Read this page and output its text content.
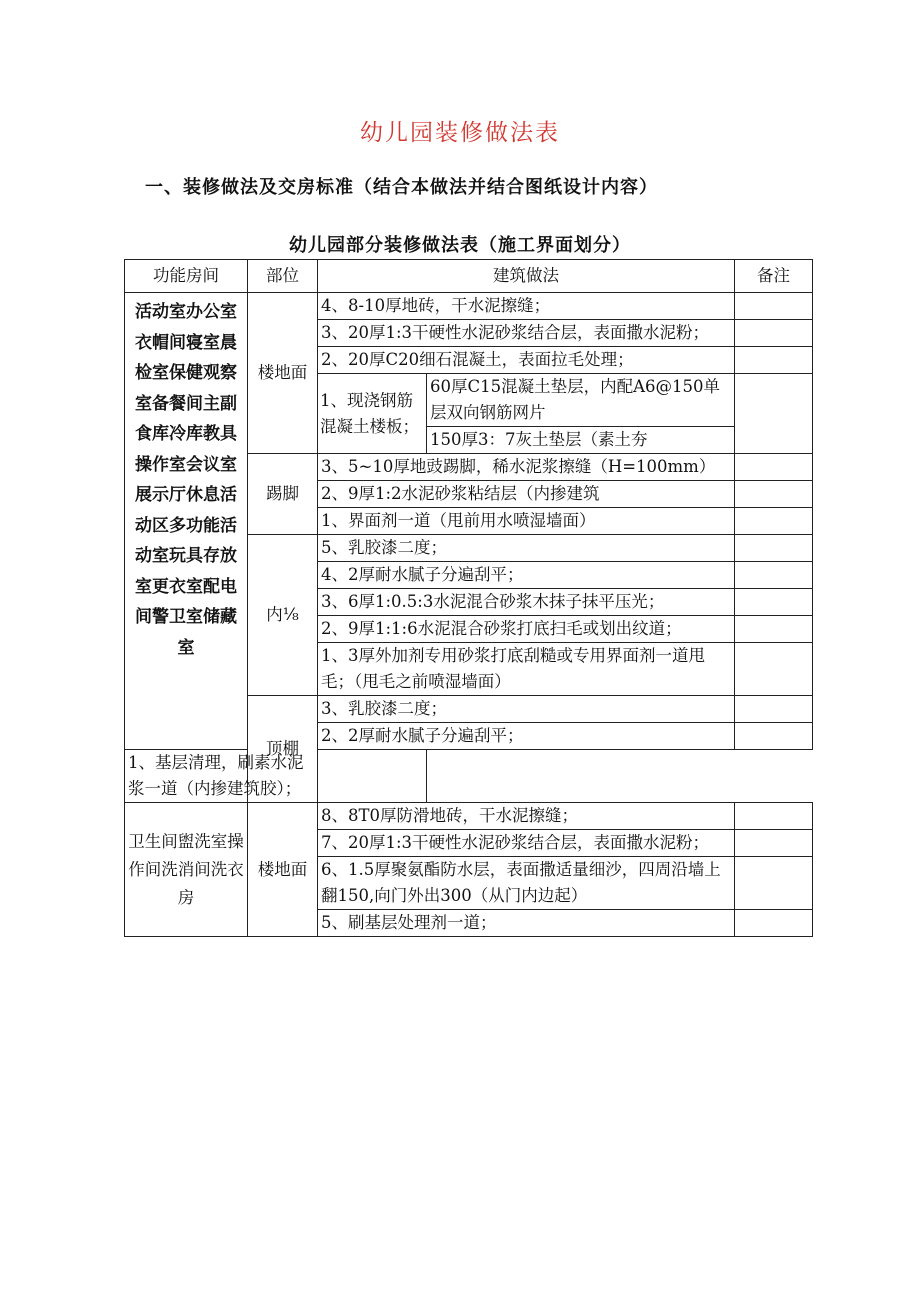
幼儿园装修做法表
一、装修做法及交房标准（结合本做法并结合图纸设计内容）
幼儿园部分装修做法表（施工界面划分）
功能房间	部位	建筑做法		备注
活动室办公室衣帽间寝室晨检室保健观察室备餐间主副食库冷库教具操作室会议室展示厅休息活动区多功能活动室玩具存放室更衣室配电间警卫室储藏室	楼地面	4、8-10厚地砖，干水泥擦缝；		
		3、20厚1:3干硬性水泥砂浆结合层，表面撒水泥粉；		
		2、20厚C20细石混凝土，表面拉毛处理；		
		1、现浇钢筋混凝土楼板；	60厚C15混凝土垫层，内配A6@150单层双向钢筋网片	
			150厚3：7灰土垫层（素土夯	
	踢脚	3、5~10厚地豉踢脚，稀水泥浆擦缝（H=100mm）		
		2、9厚1:2水泥砂浆粘结层（内掺建筑		
		1、界面剂一道（甩前用水喷湿墙面）		
	内⅛	5、乳胶漆二度；		
		4、2厚耐水腻子分遍刮平；		
		3、6厚1:0.5:3水泥混合砂浆木抹子抹平压光；		
		2、9厚1:1:6水泥混合砂浆打底扫毛或划出纹道；		
		1、3厚外加剂专用砂浆打底刮糙或专用界面剂一道甩毛；（甩毛之前喷湿墙面）		
	顶棚	3、乳胶漆二度；		
		2、2厚耐水腻子分遍刮平；		
1、基层清理，刷素水泥浆一道（内掺建筑胶）；				
卫生间盥洗室操作间洗消间洗衣房	楼地面	8、8T0厚防滑地砖，干水泥擦缝；		
		7、20厚1:3干硬性水泥砂浆结合层，表面撒水泥粉；		
		6、1.5厚聚氨酯防水层，表面撒适量细沙，四周沿墙上翻150,向门外出300（从门内边起）		
		5、刷基层处理剂一道；		
